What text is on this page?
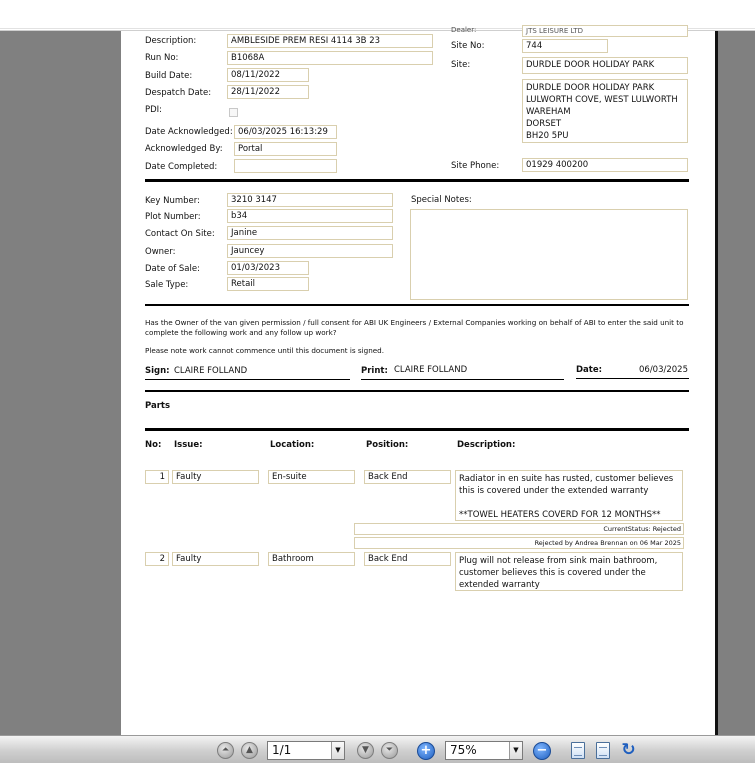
JTS LEISURE LTD
Dealer:
Description:	AMBLESIDE PREM RESI 4114 3B 23
Run No:	B1068A
Build Date:	08/11/2022
Despatch Date:	28/11/2022
PDI:
Date Acknowledged: 06/03/2025 16:13:29
Acknowledged By:	Portal
Date Completed:
Site No:	744
Site:	DURDLE DOOR HOLIDAY PARK
DURDLE DOOR HOLIDAY PARK
LULWORTH COVE, WEST LULWORTH
WAREHAM
DORSET
BH20 5PU
Site Phone:	01929 400200
Key Number:	3210 3147
Plot Number:	b34
Contact On Site:	Janine
Owner:	Jauncey
Date of Sale:	01/03/2023
Sale Type:	Retail
Special Notes:
Has the Owner of the van given permission / full consent for ABI UK Engineers / External Companies working on behalf of ABI to enter the said unit to complete the following work and any follow up work?
Please note work cannot commence until this document is signed.
Sign: CLAIRE FOLLAND	Print: CLAIRE FOLLAND	Date:	06/03/2025
Parts
No: Issue:	Location:	Position:	Description:
1	Faulty	En-suite	Back End	Radiator in en suite has rusted, customer believes this is covered under the extended warranty

**TOWEL HEATERS COVERD FOR 12 MONTHS**
CurrentStatus: Rejected
Rejected by Andrea Brennan on 06 Mar 2025
2	Faulty	Bathroom	Back End	Plug will not release from sink main bathroom, customer believes this is covered under the extended warranty
⏶	▲	1/1	▼	▼	⏷	+	75%	▼ −	↻
